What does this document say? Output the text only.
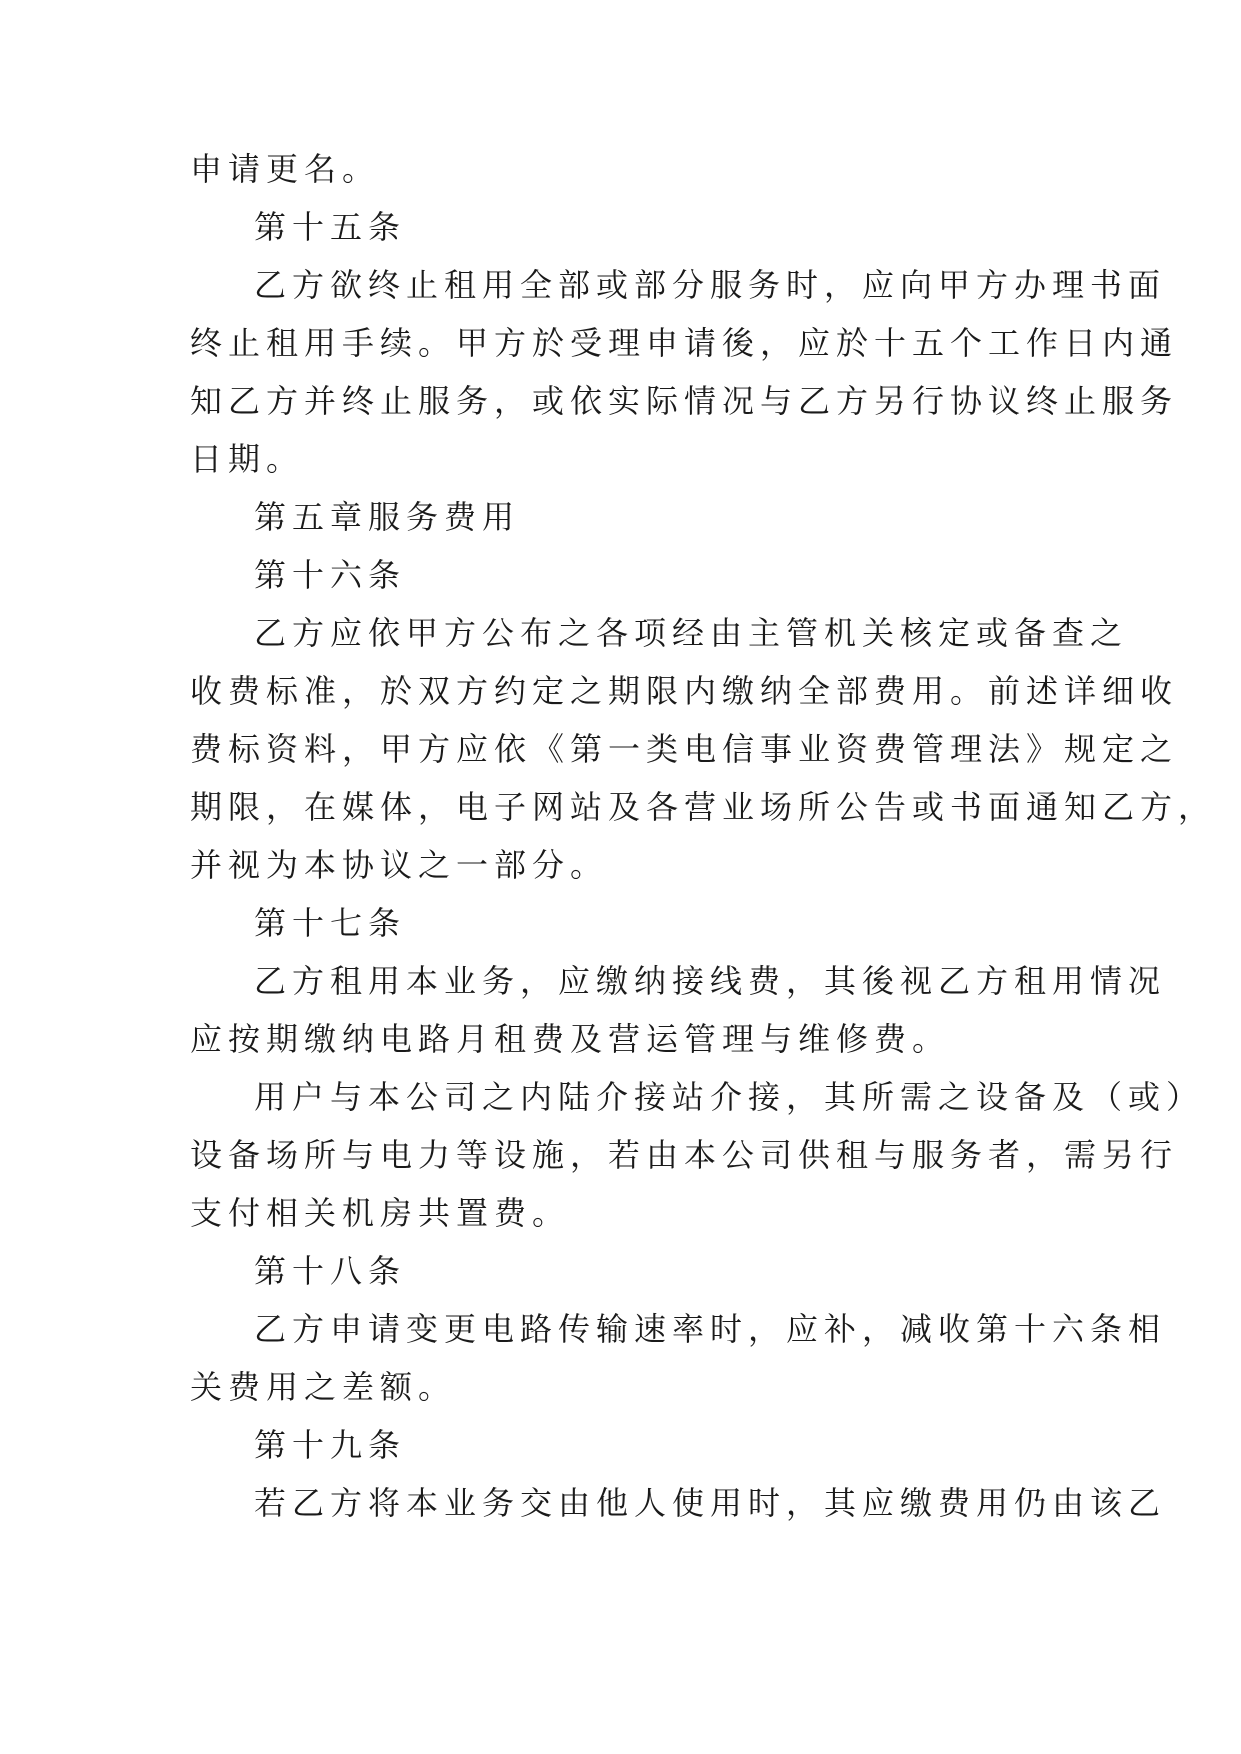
申请更名。
第十五条
乙方欲终止租用全部或部分服务时，应向甲方办理书面
终止租用手续。甲方於受理申请後，应於十五个工作日内通
知乙方并终止服务，或依实际情况与乙方另行协议终止服务
日期。
第五章服务费用
第十六条
乙方应依甲方公布之各项经由主管机关核定或备查之
收费标准，於双方约定之期限内缴纳全部费用。前述详细收
费标资料，甲方应依《第一类电信事业资费管理法》规定之
期限，在媒体，电子网站及各营业场所公告或书面通知乙方，
并视为本协议之一部分。
第十七条
乙方租用本业务，应缴纳接线费，其後视乙方租用情况
应按期缴纳电路月租费及营运管理与维修费。
用户与本公司之内陆介接站介接，其所需之设备及（或）
设备场所与电力等设施，若由本公司供租与服务者，需另行
支付相关机房共置费。
第十八条
乙方申请变更电路传输速率时，应补，减收第十六条相
关费用之差额。
第十九条
若乙方将本业务交由他人使用时，其应缴费用仍由该乙
